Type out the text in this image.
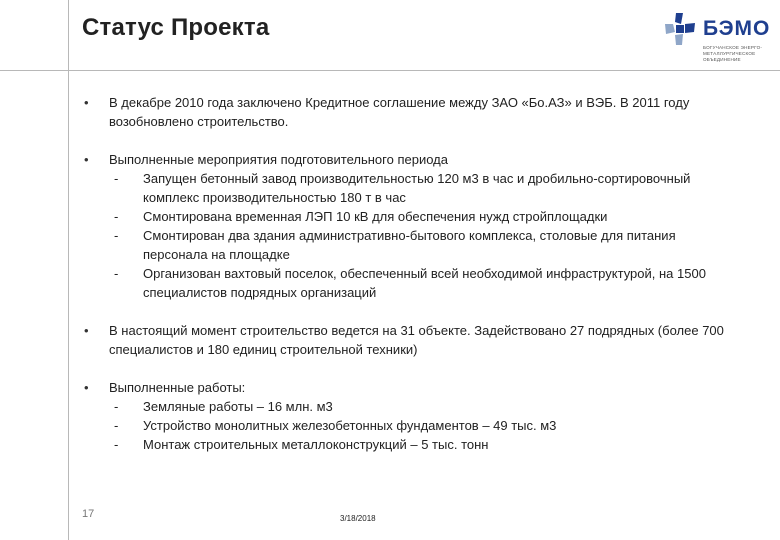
Статус Проекта	БЭМО
БОГУЧАНСКОЕ ЭНЕРГО-МЕТАЛЛУРГИЧЕСКОЕ ОБЪЕДИНЕНИЕ
• В декабре 2010 года заключено Кредитное соглашение между ЗАО «Бо.АЗ» и ВЭБ. В 2011 году возобновлено строительство.
• Выполненные мероприятия подготовительного периода
- Запущен бетонный завод производительностью 120 м3 в час и дробильно-сортировочный комплекс производительностью 180 т в час
- Смонтирована временная ЛЭП 10 кВ для обеспечения нужд стройплощадки
- Смонтирован два здания административно-бытового комплекса, столовые для питания персонала на площадке
- Организован вахтовый поселок, обеспеченный всей необходимой инфраструктурой, на 1500 специалистов подрядных организаций
• В настоящий момент строительство ведется на 31 объекте. Задействовано 27 подрядных (более 700 специалистов и 180 единиц строительной техники)
• Выполненные работы:
- Земляные работы – 16 млн. м3
- Устройство монолитных железобетонных фундаментов – 49 тыс. м3
- Монтаж строительных металлоконструкций – 5 тыс. тонн
17	3/18/2018
